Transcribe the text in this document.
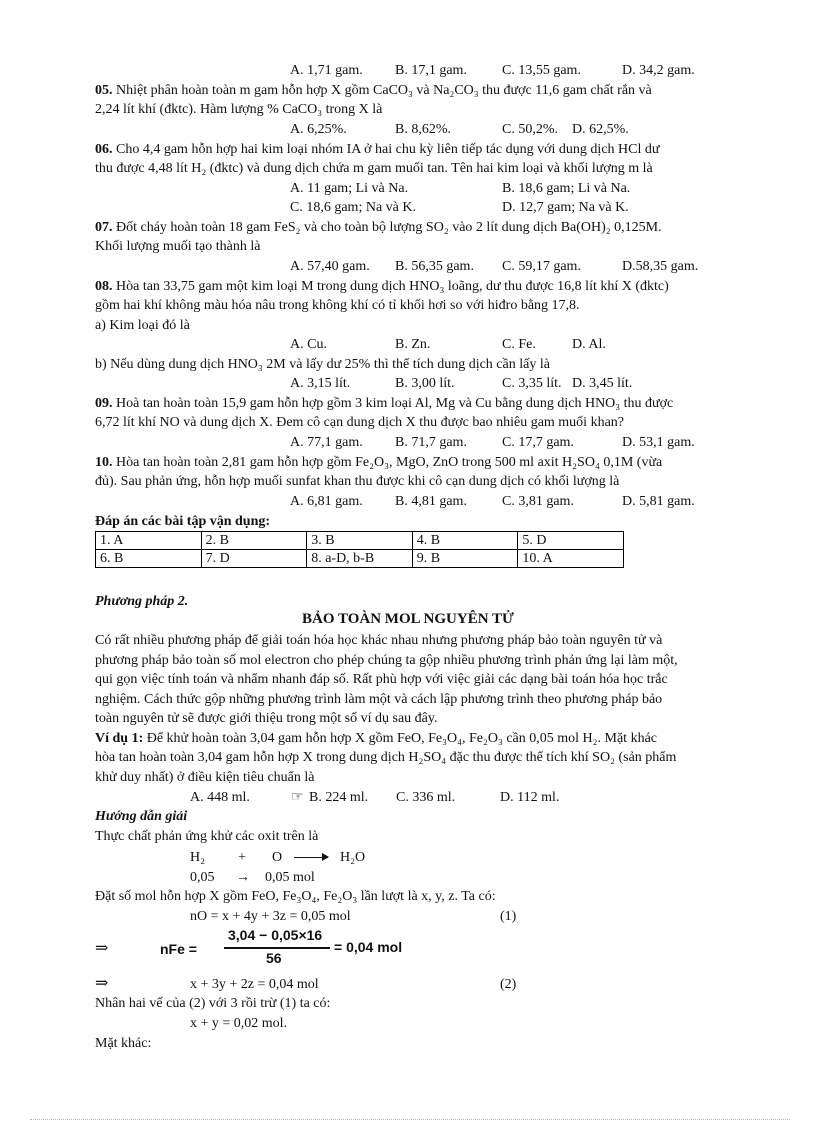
A. 1,71 gam. B. 17,1 gam.	C. 13,55 gam.	D. 34,2 gam.
05. Nhiệt phân hoàn toàn m gam hỗn hợp X gồm CaCO₃ và Na₂CO₃ thu được 11,6 gam chất rắn và
2,24 lít khí (đktc). Hàm lượng % CaCO₃ trong X là
A. 6,25%.	B. 8,62%.	C. 50,2%. D. 62,5%.
06. Cho 4,4 gam hỗn hợp hai kim loại nhóm IA ở hai chu kỳ liên tiếp tác dụng với dung dịch HCl dư
thu được 4,48 lít H₂ (đktc) và dung dịch chứa m gam muối tan. Tên hai kim loại và khối lượng m là
A. 11 gam; Li và Na.	B. 18,6 gam; Li và Na.
C. 18,6 gam; Na và K.	D. 12,7 gam; Na và K.
07. Đốt cháy hoàn toàn 18 gam FeS₂ và cho toàn bộ lượng SO₂ vào 2 lít dung dịch Ba(OH)₂ 0,125M.
Khối lượng muối tạo thành là
A. 57,40 gam. B. 56,35 gam. C. 59,17 gam.	D.58,35 gam.
08. Hòa tan 33,75 gam một kim loại M trong dung dịch HNO₃ loãng, dư thu được 16,8 lít khí X (đktc)
gồm hai khí không màu hóa nâu trong không khí có tỉ khối hơi so với hiđro bằng 17,8.
a) Kim loại đó là
A. Cu.	B. Zn.	C. Fe.	D. Al.
b) Nếu dùng dung dịch HNO₃ 2M và lấy dư 25% thì thể tích dung dịch cần lấy là
A. 3,15 lít.	B. 3,00 lít.	C. 3,35 lít. D. 3,45 lít.
09. Hoà tan hoàn toàn 15,9 gam hỗn hợp gồm 3 kim loại Al, Mg và Cu bằng dung dịch HNO₃ thu được
6,72 lít khí NO và dung dịch X. Đem cô cạn dung dịch X thu được bao nhiêu gam muối khan?
A. 77,1 gam. B. 71,7 gam.	C. 17,7 gam.	D. 53,1 gam.
10. Hòa tan hoàn toàn 2,81 gam hỗn hợp gồm Fe₂O₃, MgO, ZnO trong 500 ml axit H₂SO₄ 0,1M (vừa
đủ). Sau phản ứng, hỗn hợp muối sunfat khan thu được khi cô cạn dung dịch có khối lượng là
A. 6,81 gam. B. 4,81 gam.	C. 3,81 gam.	D. 5,81 gam.
Đáp án các bài tập vận dụng:
1. A	2. B	3. B	4. B	5. D
6. B	7. D	8. a-D, b-B	9. B	10. A
Phương pháp 2.
BẢO TOÀN MOL NGUYÊN TỬ
Có rất nhiều phương pháp để giải toán hóa học khác nhau nhưng phương pháp bảo toàn nguyên tử và
phương pháp bảo toàn số mol electron cho phép chúng ta gộp nhiều phương trình phản ứng lại làm một,
qui gọn việc tính toán và nhẩm nhanh đáp số. Rất phù hợp với việc giải các dạng bài toán hóa học trắc
nghiệm. Cách thức gộp những phương trình làm một và cách lập phương trình theo phương pháp bảo
toàn nguyên tử sẽ được giới thiệu trong một số ví dụ sau đây.
Ví dụ 1: Để khử hoàn toàn 3,04 gam hỗn hợp X gồm FeO, Fe₃O₄, Fe₂O₃ cần 0,05 mol H₂. Mặt khác
hòa tan hoàn toàn 3,04 gam hỗn hợp X trong dung dịch H₂SO₄ đặc thu được thể tích khí SO₂ (sản phẩm
khử duy nhất) ở điều kiện tiêu chuẩn là
A. 448 ml.	☞ B. 224 ml. C. 336 ml.	D. 112 ml.
Hướng dẫn giải
Thực chất phản ứng khử các oxit trên là
H₂ + O	H₂O
0,05 → 0,05 mol
Đặt số mol hỗn hợp X gồm FeO, Fe₃O₄, Fe₂O₃ lần lượt là x, y, z. Ta có:
nO = x + 4y + 3z = 0,05 mol	(1)
⇒	nFe =
3,04 − 0,05×16
56
= 0,04 mol
⇒	x + 3y + 2z = 0,04 mol	(2)
Nhân hai vế của (2) với 3 rồi trừ (1) ta có:
x + y = 0,02 mol.
Mặt khác:
